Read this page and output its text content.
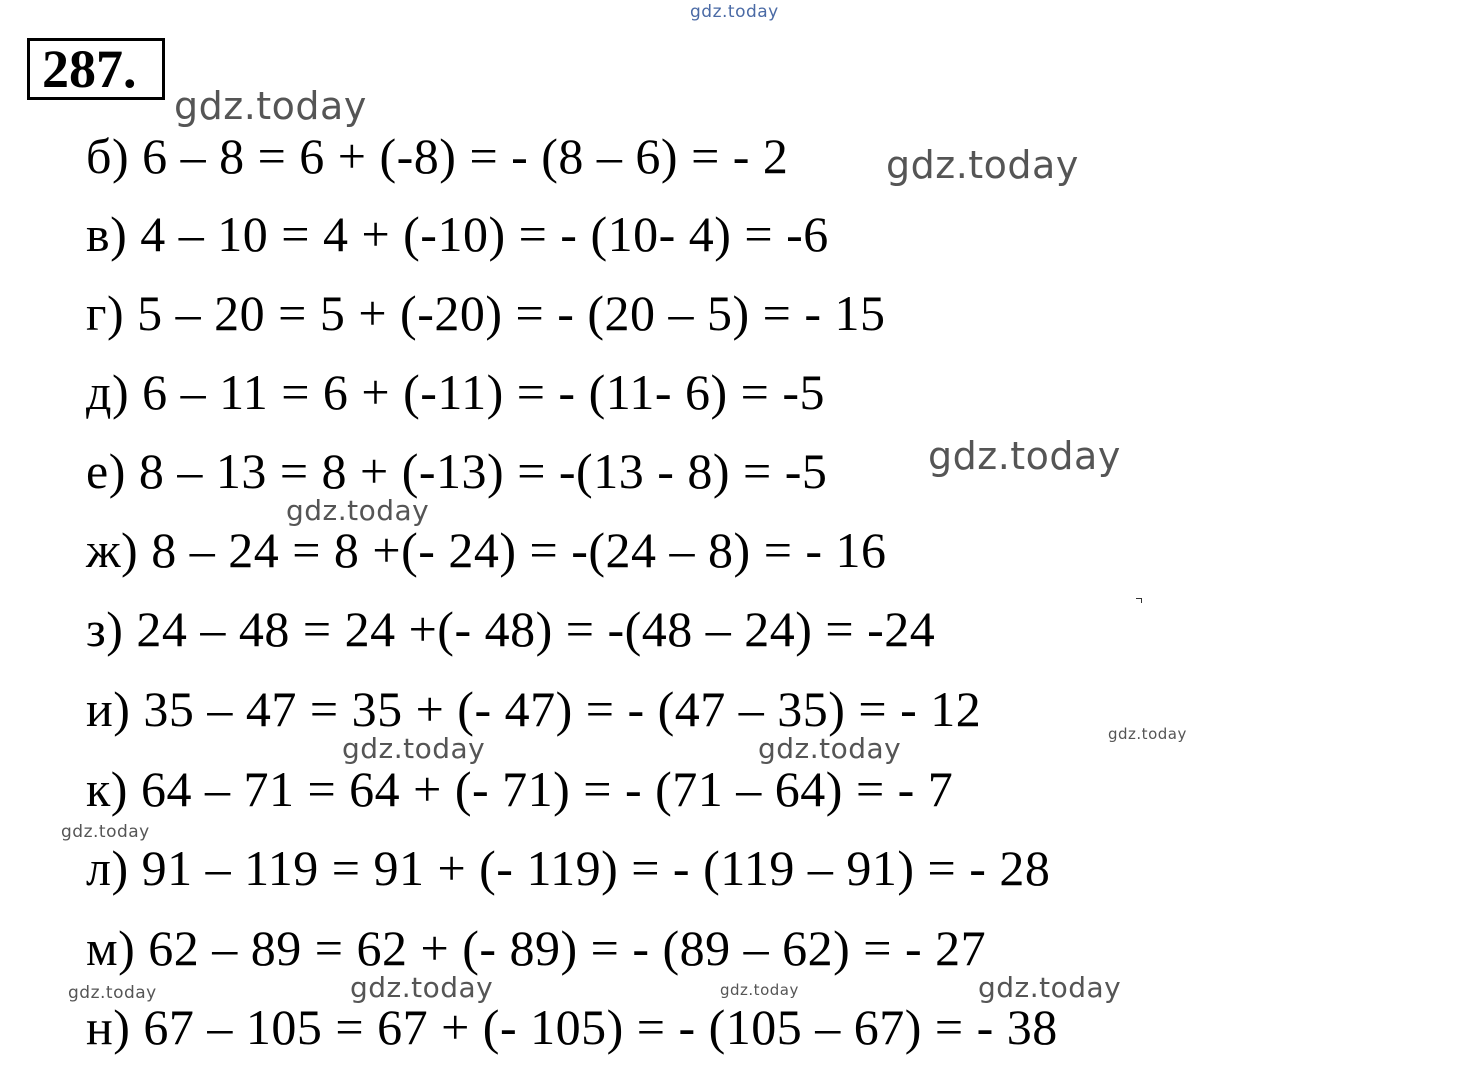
287.
б) 6 – 8 = 6 + (-8) = - (8 – 6) = - 2
в) 4 – 10 = 4 + (-10) = - (10- 4) = -6
г) 5 – 20 = 5 + (-20) = - (20 – 5) = - 15
д) 6 – 11 = 6 + (-11) = - (11- 6) = -5
е) 8 – 13 = 8 + (-13) = -(13 - 8) = -5
ж) 8 – 24 = 8 +(- 24) = -(24 – 8) = - 16
з) 24 – 48 = 24 +(- 48) = -(48 – 24) = -24
и) 35 – 47 = 35 + (- 47) = - (47 – 35) = - 12
к) 64 – 71 = 64 + (- 71) = - (71 – 64) = - 7
л) 91 – 119 = 91 + (- 119) = - (119 – 91) = - 28
м) 62 – 89 = 62 + (- 89) = - (89 – 62) = - 27
н) 67 – 105 = 67 + (- 105) = - (105 – 67) = - 38
gdz.today
gdz.today
gdz.today
gdz.today
gdz.today
gdz.today
gdz.today	gdz.today
gdz.today
gdz.today	gdz.today	gdz.today	gdz.today
